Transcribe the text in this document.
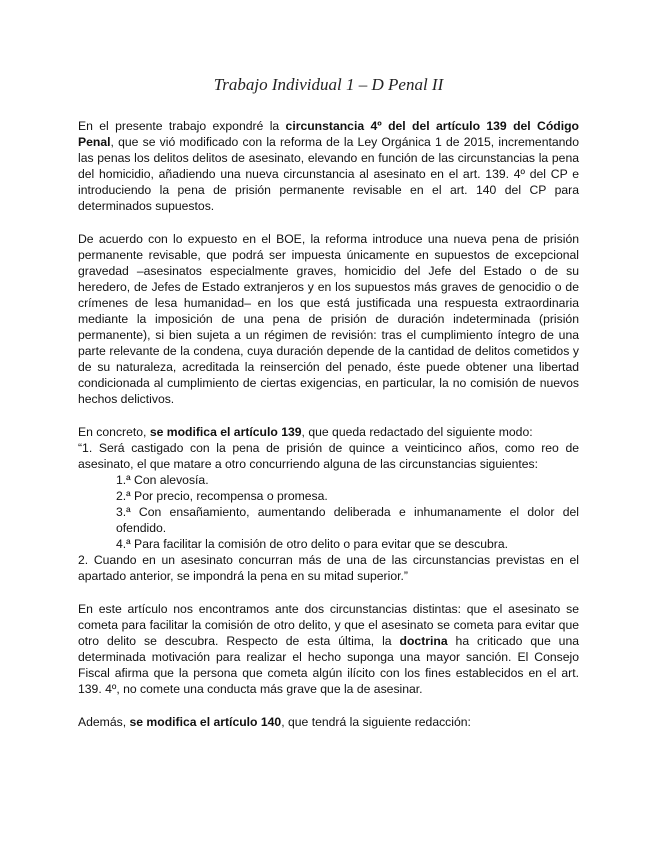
Trabajo Individual 1 – D Penal II

En el presente trabajo expondré la circunstancia 4º del del artículo 139 del Código Penal, que se vió modificado con la reforma de la Ley Orgánica 1 de 2015, incrementando las penas los delitos delitos de asesinato, elevando en función de las circunstancias la pena del homicidio, añadiendo una nueva circunstancia al asesinato en el art. 139. 4º del CP e introduciendo la pena de prisión permanente revisable en el art. 140 del CP para determinados supuestos.

De acuerdo con lo expuesto en el BOE, la reforma introduce una nueva pena de prisión permanente revisable, que podrá ser impuesta únicamente en supuestos de excepcional gravedad –asesinatos especialmente graves, homicidio del Jefe del Estado o de su heredero, de Jefes de Estado extranjeros y en los supuestos más graves de genocidio o de crímenes de lesa humanidad– en los que está justificada una respuesta extraordinaria mediante la imposición de una pena de prisión de duración indeterminada (prisión permanente), si bien sujeta a un régimen de revisión: tras el cumplimiento íntegro de una parte relevante de la condena, cuya duración depende de la cantidad de delitos cometidos y de su naturaleza, acreditada la reinserción del penado, éste puede obtener una libertad condicionada al cumplimiento de ciertas exigencias, en particular, la no comisión de nuevos hechos delictivos.

En concreto, se modifica el artículo 139, que queda redactado del siguiente modo:

“1. Será castigado con la pena de prisión de quince a veinticinco años, como reo de asesinato, el que matare a otro concurriendo alguna de las circunstancias siguientes:

1.ª Con alevosía.

2.ª Por precio, recompensa o promesa.

3.ª Con ensañamiento, aumentando deliberada e inhumanamente el dolor del ofendido.

4.ª Para facilitar la comisión de otro delito o para evitar que se descubra.

2. Cuando en un asesinato concurran más de una de las circunstancias previstas en el apartado anterior, se impondrá la pena en su mitad superior.”

En este artículo nos encontramos ante dos circunstancias distintas: que el asesinato se cometa para facilitar la comisión de otro delito, y que el asesinato se cometa para evitar que otro delito se descubra. Respecto de esta última, la doctrina ha criticado que una determinada motivación para realizar el hecho suponga una mayor sanción. El Consejo Fiscal afirma que la persona que cometa algún ilícito con los fines establecidos en el art. 139. 4º, no comete una conducta más grave que la de asesinar.

Además, se modifica el artículo 140, que tendrá la siguiente redacción:
